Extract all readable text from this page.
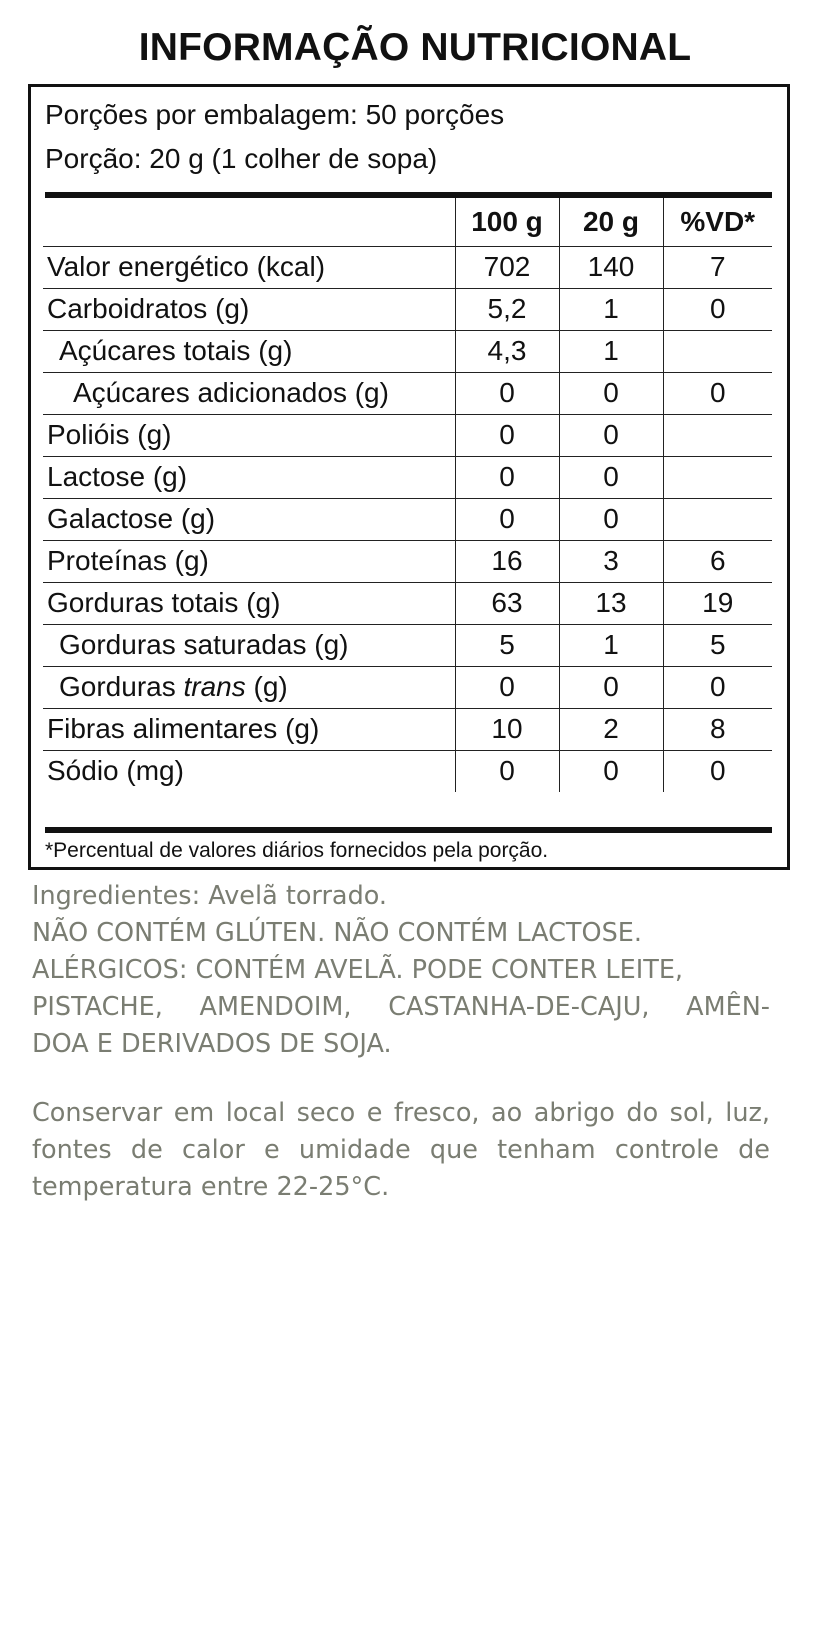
INFORMAÇÃO NUTRICIONAL
Porções por embalagem: 50 porções
Porção: 20 g (1 colher de sopa)
	100 g	20 g	%VD*
Valor energético (kcal)	702	140	7
Carboidratos (g)	5,2	1	0
Açúcares totais (g)	4,3	1	
Açúcares adicionados (g)	0	0	0
Polióis (g)	0	0	
Lactose (g)	0	0	
Galactose (g)	0	0	
Proteínas (g)	16	3	6
Gorduras totais (g)	63	13	19
Gorduras saturadas (g)	5	1	5
Gorduras trans (g)	0	0	0
Fibras alimentares (g)	10	2	8
Sódio (mg)	0	0	0
*Percentual de valores diários fornecidos pela porção.
Ingredientes: Avelã torrado.
NÃO CONTÉM GLÚTEN. NÃO CONTÉM LACTOSE.
ALÉRGICOS: CONTÉM AVELÃ. PODE CONTER LEITE,
PISTACHE, AMENDOIM, CASTANHA-DE-CAJU, AMÊN-
DOA E DERIVADOS DE SOJA.
Conservar em local seco e fresco, ao abrigo do sol, luz, fontes de calor e umidade que tenham controle de temperatura entre 22-25°C.
